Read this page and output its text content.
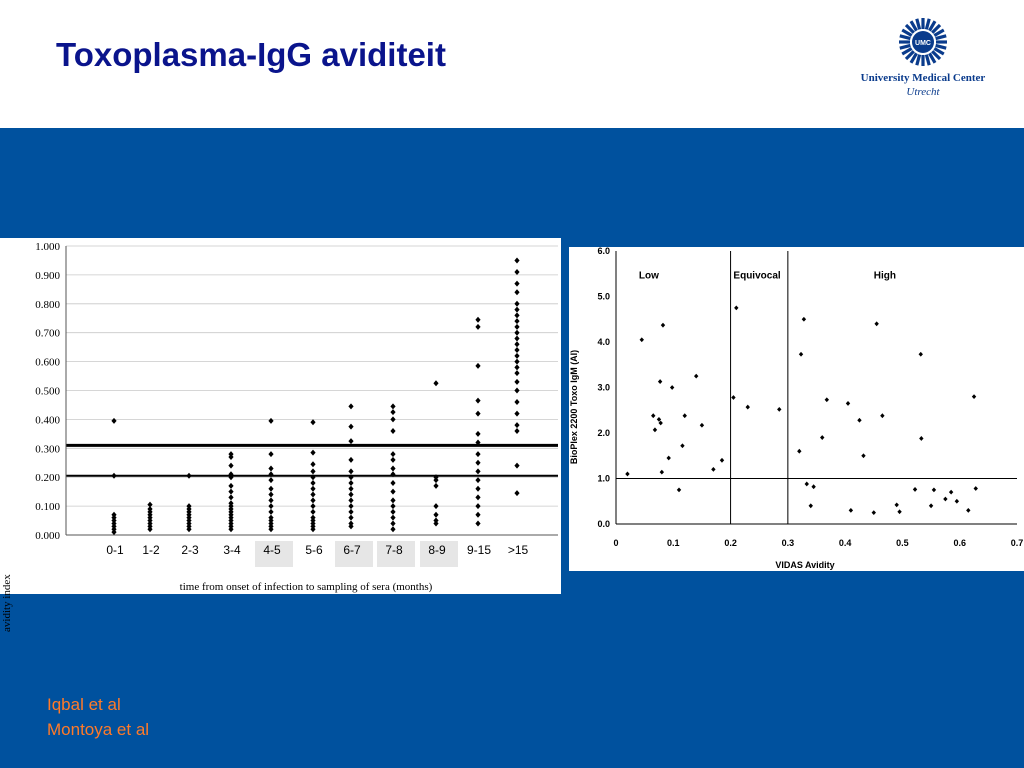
Toxoplasma-IgG aviditeit	UMC
University Medical Center
Utrecht
0.000
0.100
0.200
0.300
0.400
0.500
0.600
0.700
0.800
0.900
1.000
0-1 1-2 2-3 3-4 4-5 5-6 6-7 7-8 8-9 9-15 >15
avidity index	time from onset of infection to sampling of sera (months)
0.0
1.0
2.0
3.0
4.0
5.0
6.0
0	0.1	0.2	0.3	0.4	0.5	0.6	0.7
Low	Equivocal	High
BioPlex 2200 Toxo IgM (AI)
VIDAS Avidity
Iqbal et al
Montoya et al
